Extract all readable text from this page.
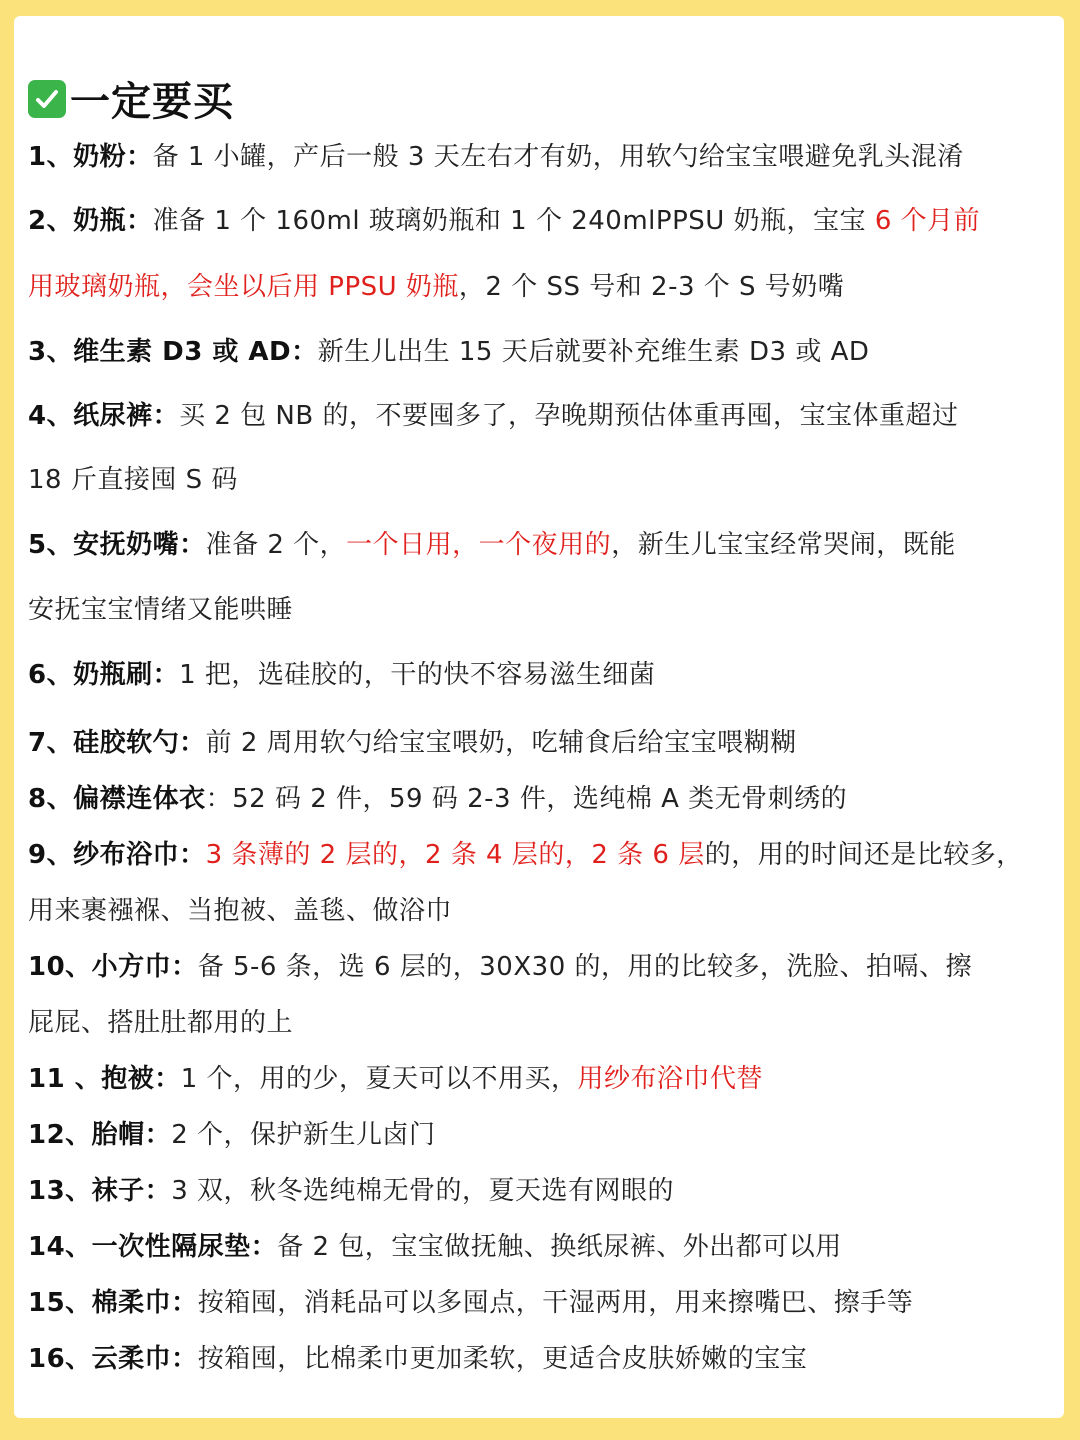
一定要买
1、奶粉：备 1 小罐，产后一般 3 天左右才有奶，用软勺给宝宝喂避免乳头混淆
2、奶瓶：准备 1 个 160ml 玻璃奶瓶和 1 个 240mlPPSU 奶瓶，宝宝 6 个月前
用玻璃奶瓶，会坐以后用 PPSU 奶瓶，2 个 SS 号和 2-3 个 S 号奶嘴
3、维生素 D3 或 AD：新生儿出生 15 天后就要补充维生素 D3 或 AD
4、纸尿裤：买 2 包 NB 的，不要囤多了，孕晚期预估体重再囤，宝宝体重超过
18 斤直接囤 S 码
5、安抚奶嘴：准备 2 个，一个日用，一个夜用的，新生儿宝宝经常哭闹，既能
安抚宝宝情绪又能哄睡
6、奶瓶刷：1 把，选硅胶的，干的快不容易滋生细菌
7、硅胶软勺：前 2 周用软勺给宝宝喂奶，吃辅食后给宝宝喂糊糊
8、偏襟连体衣：52 码 2 件，59 码 2-3 件，选纯棉 A 类无骨刺绣的
9、纱布浴巾：3 条薄的 2 层的，2 条 4 层的，2 条 6 层的，用的时间还是比较多，
用来裹襁褓、当抱被、盖毯、做浴巾
10、小方巾：备 5-6 条，选 6 层的，30X30 的，用的比较多，洗脸、拍嗝、擦
屁屁、搭肚肚都用的上
11 、抱被：1 个，用的少，夏天可以不用买，用纱布浴巾代替
12、胎帽：2 个，保护新生儿卤门
13、袜子：3 双，秋冬选纯棉无骨的，夏天选有网眼的
14、一次性隔尿垫：备 2 包，宝宝做抚触、换纸尿裤、外出都可以用
15、棉柔巾：按箱囤，消耗品可以多囤点，干湿两用，用来擦嘴巴、擦手等
16、云柔巾：按箱囤，比棉柔巾更加柔软，更适合皮肤娇嫩的宝宝
